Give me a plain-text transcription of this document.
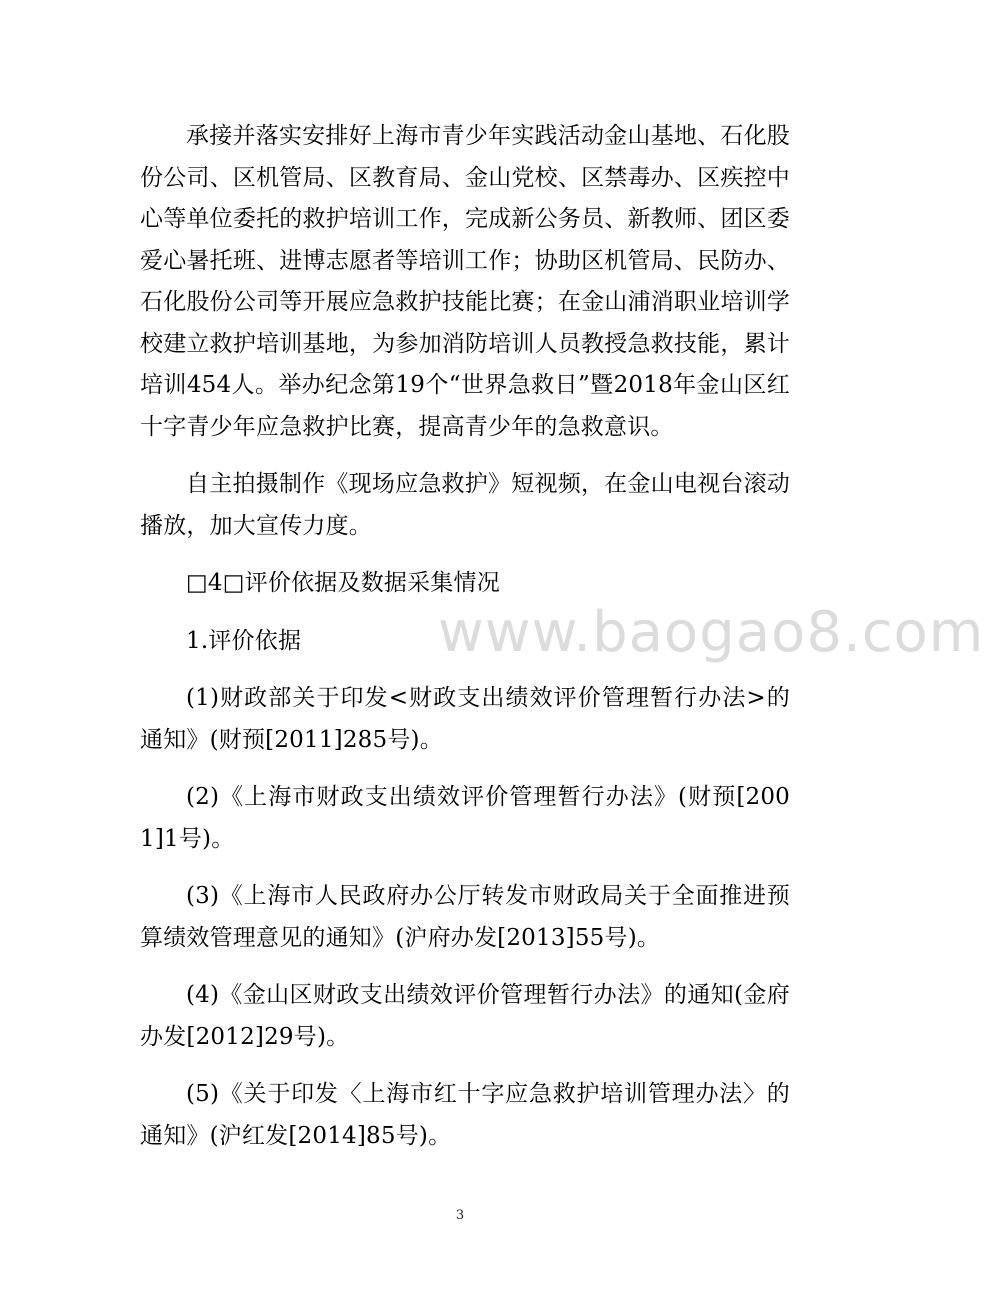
www.baogao8.com

承接并落实安排好上海市青少年实践活动金山基地、石化股份公司、区机管局、区教育局、金山党校、区禁毒办、区疾控中心等单位委托的救护培训工作，完成新公务员、新教师、团区委爱心暑托班、进博志愿者等培训工作；协助区机管局、民防办、石化股份公司等开展应急救护技能比赛；在金山浦消职业培训学校建立救护培训基地，为参加消防培训人员教授急救技能，累计培训454人。举办纪念第19个“世界急救日”暨2018年金山区红十字青少年应急救护比赛，提高青少年的急救意识。

自主拍摄制作《现场应急救护》短视频，在金山电视台滚动播放，加大宣传力度。

□4□评价依据及数据采集情况

1.评价依据

(1)财政部关于印发<财政支出绩效评价管理暂行办法>的通知》(财预[2011]285号)。

(2)《上海市财政支出绩效评价管理暂行办法》(财预[2001]1号)。

(3)《上海市人民政府办公厅转发市财政局关于全面推进预算绩效管理意见的通知》(沪府办发[2013]55号)。

(4)《金山区财政支出绩效评价管理暂行办法》的通知(金府办发[2012]29号)。

(5)《关于印发〈上海市红十字应急救护培训管理办法〉的通知》(沪红发[2014]85号)。

3
